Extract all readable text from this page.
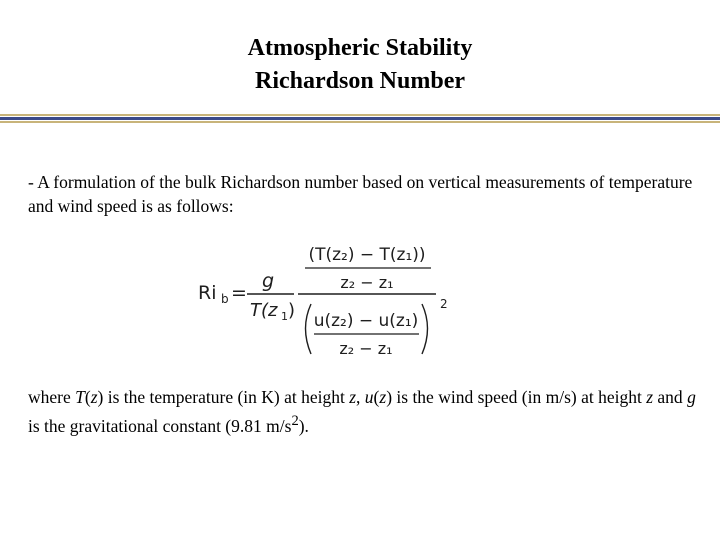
Atmospheric Stability
Richardson Number
- A formulation of the bulk Richardson number based on vertical measurements of temperature and wind speed is as follows:
Ri b =
g
T(z 1 )
(T(z₂) − T(z₁))
z₂ − z₁
2
u(z₂) − u(z₁)
z₂ − z₁
where T(z) is the temperature (in K) at height z, u(z) is the wind speed (in m/s) at height z and g is the gravitational constant (9.81 $m/s^2$).
